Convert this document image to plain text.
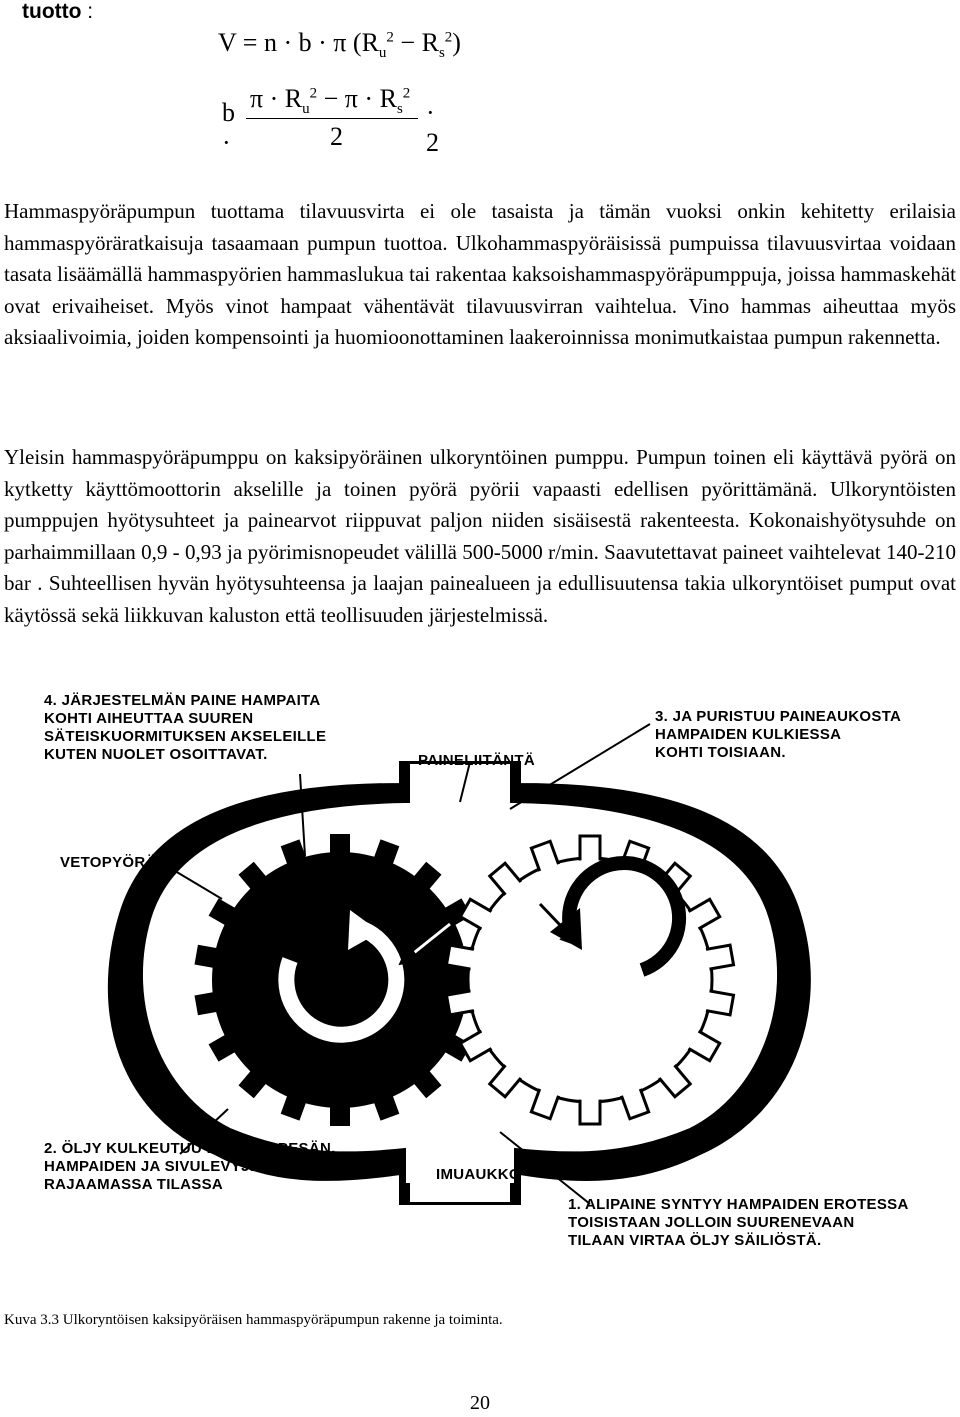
tuotto :
V = n · b · π $(R_u^2 - R_s^2)$
b ·
$\pi \cdot R_u^2 - \pi \cdot R_s^2$
2
· 2

Hammaspyöräpumpun tuottama tilavuusvirta ei ole tasaista ja tämän vuoksi onkin kehitetty erilaisia hammaspyöräratkaisuja tasaamaan pumpun tuottoa. Ulkohammaspyöräisissä pumpuissa tilavuusvirtaa voidaan tasata lisäämällä hammaspyörien hammaslukua tai rakentaa kaksoishammaspyöräpumppuja, joissa hammaskehät ovat erivaiheiset. Myös vinot hampaat vähentävät tilavuusvirran vaihtelua. Vino hammas aiheuttaa myös aksiaalivoimia, joiden kompensointi ja huomioonottaminen laakeroinnissa monimutkaistaa pumpun rakennetta.

Yleisin hammaspyöräpumppu on kaksipyöräinen ulkoryntöinen pumppu. Pumpun toinen eli käyttävä pyörä on kytketty käyttömoottorin akselille ja toinen pyörä pyörii vapaasti edellisen pyörittämänä. Ulkoryntöisten pumppujen hyötysuhteet ja painearvot riippuvat paljon niiden sisäisestä rakenteesta. Kokonaishyötysuhde on parhaimmillaan 0,9 - 0,93 ja pyörimisnopeudet välillä 500-5000 r/min. Saavutettavat paineet vaihtelevat 140-210 bar . Suhteellisen hyvän hyötysuhteensa ja laajan painealueen ja edullisuutensa takia ulkoryntöiset pumput ovat käytössä sekä liikkuvan kaluston että teollisuuden järjestelmissä.

4. JÄRJESTELMÄN PAINE HAMPAITA
KOHTI AIHEUTTAA SUUREN
SÄTEISKUORMITUKSEN AKSELEILLE
KUTEN NUOLET OSOITTAVAT.
3. JA PURISTUU PAINEAUKOSTA
HAMPAIDEN KULKIESSA
KOHTI TOISIAAN.
PAINELIITÄNTÄ
VETOPYÖRÄ
2. ÖLJY KULKEUTUU PUMPUN PESÄN,
HAMPAIDEN JA SIVULEVYJEN
RAJAAMASSA TILASSA
IMUAUKKO
1. ALIPAINE SYNTYY HAMPAIDEN EROTESSA
TOISISTAAN JOLLOIN SUURENEVAAN
TILAAN VIRTAA ÖLJY SÄILIÖSTÄ.
Kuva 3.3 Ulkoryntöisen kaksipyöräisen hammaspyöräpumpun rakenne ja toiminta.
20
